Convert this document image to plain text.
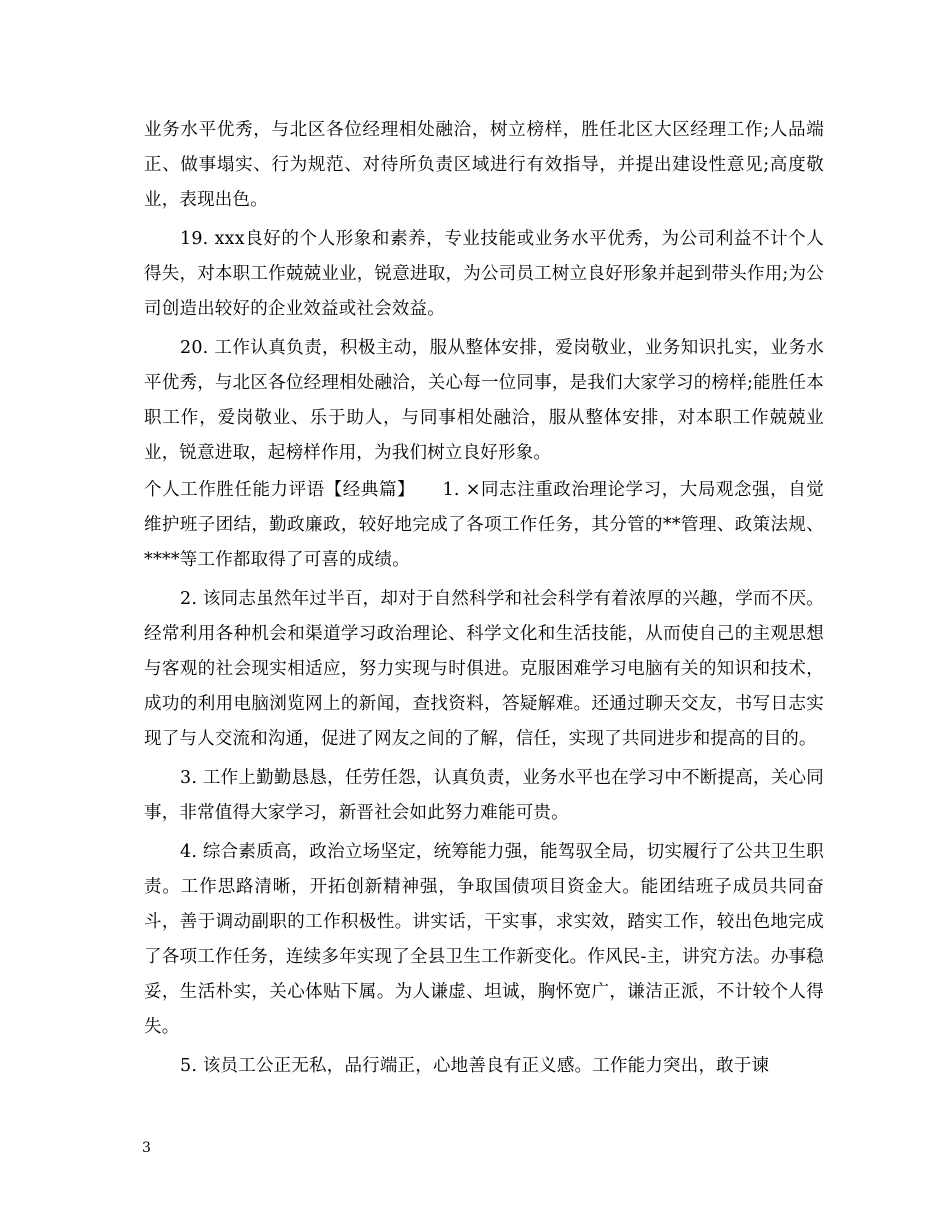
业务水平优秀，与北区各位经理相处融洽，树立榜样，胜任北区大区经理工作;人品端正、做事塌实、行为规范、对待所负责区域进行有效指导，并提出建设性意见;高度敬业，表现出色。

19. xxx良好的个人形象和素养，专业技能或业务水平优秀，为公司利益不计个人得失，对本职工作兢兢业业，锐意进取，为公司员工树立良好形象并起到带头作用;为公司创造出较好的企业效益或社会效益。

20. 工作认真负责，积极主动，服从整体安排，爱岗敬业，业务知识扎实，业务水平优秀，与北区各位经理相处融洽，关心每一位同事，是我们大家学习的榜样;能胜任本职工作，爱岗敬业、乐于助人，与同事相处融洽，服从整体安排，对本职工作兢兢业业，锐意进取，起榜样作用，为我们树立良好形象。

个人工作胜任能力评语【经典篇】　　1. ×同志注重政治理论学习，大局观念强，自觉维护班子团结，勤政廉政，较好地完成了各项工作任务，其分管的**管理、政策法规、****等工作都取得了可喜的成绩。

2. 该同志虽然年过半百，却对于自然科学和社会科学有着浓厚的兴趣，学而不厌。经常利用各种机会和渠道学习政治理论、科学文化和生活技能，从而使自己的主观思想与客观的社会现实相适应，努力实现与时俱进。克服困难学习电脑有关的知识和技术，成功的利用电脑浏览网上的新闻，查找资料，答疑解难。还通过聊天交友，书写日志实现了与人交流和沟通，促进了网友之间的了解，信任，实现了共同进步和提高的目的。

3. 工作上勤勤恳恳，任劳任怨，认真负责，业务水平也在学习中不断提高，关心同事，非常值得大家学习，新晋社会如此努力难能可贵。

4. 综合素质高，政治立场坚定，统筹能力强，能驾驭全局，切实履行了公共卫生职责。工作思路清晰，开拓创新精神强，争取国债项目资金大。能团结班子成员共同奋斗，善于调动副职的工作积极性。讲实话，干实事，求实效，踏实工作，较出色地完成了各项工作任务，连续多年实现了全县卫生工作新变化。作风民-主，讲究方法。办事稳妥，生活朴实，关心体贴下属。为人谦虚、坦诚，胸怀宽广，谦洁正派，不计较个人得失。

5. 该员工公正无私，品行端正，心地善良有正义感。工作能力突出，敢于谏

3
